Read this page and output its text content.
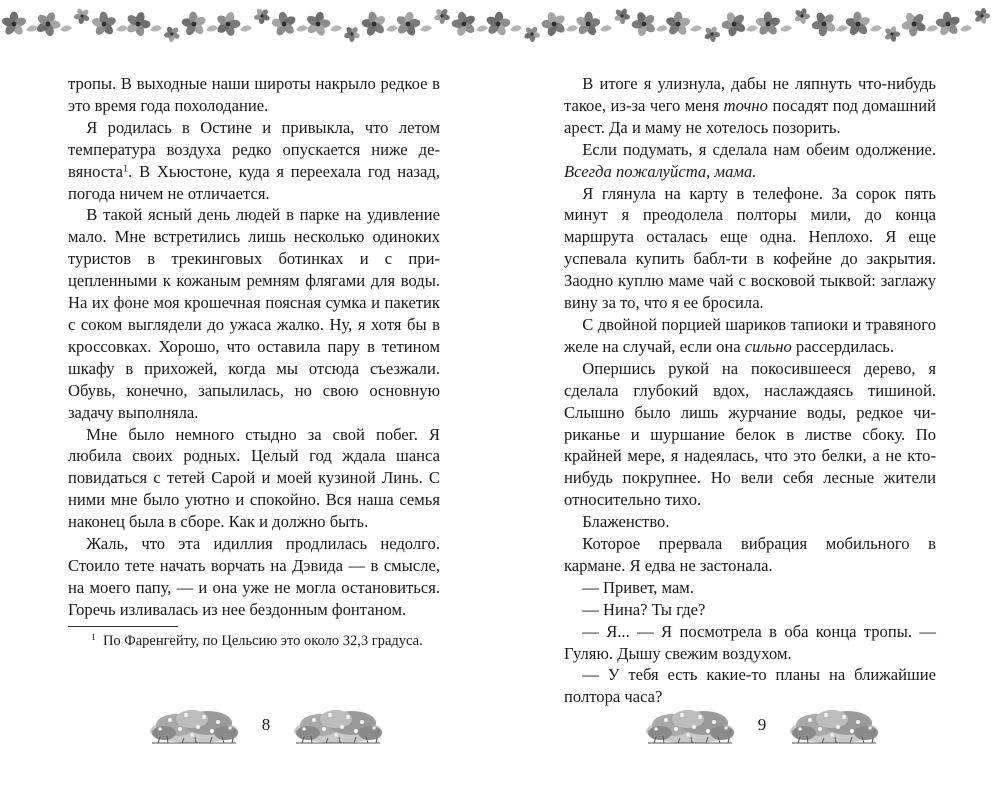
тропы. В выходные наши широты накрыло редкое в это время года похолодание.

Я родилась в Остине и привыкла, что летом температура воздуха редко опускается ниже девяноста$^1$. В Хьюстоне, куда я переехала год назад, погода ничем не отличается.

В такой ясный день людей в парке на удивление мало. Мне встретились лишь несколько одиноких туристов в трекинговых ботинках и с прицепленными к кожаным ремням флягами для воды. На их фоне моя крошечная поясная сумка и пакетик с соком выглядели до ужаса жалко. Ну, я хотя бы в кроссовках. Хорошо, что оставила пару в тетином шкафу в прихожей, когда мы отсюда съезжали. Обувь, конечно, запылилась, но свою основную задачу выполняла.

Мне было немного стыдно за свой побег. Я любила своих родных. Целый год ждала шанса повидаться с тетей Сарой и моей кузиной Линь. С ними мне было уютно и спокойно. Вся наша семья наконец была в сборе. Как и должно быть.

Жаль, что эта идиллия продлилась недолго. Стоило тете начать ворчать на Дэвида — в смысле, на моего папу, — и она уже не могла остановиться. Горечь изливалась из нее бездонным фонтаном.

$^1$ По Фаренгейту, по Цельсию это около 32,3 градуса.

8

В итоге я улизнула, дабы не ляпнуть что-нибудь такое, из-за чего меня точно посадят под домашний арест. Да и маму не хотелось позорить.

Если подумать, я сделала нам обеим одолжение. Всегда пожалуйста, мама.

Я глянула на карту в телефоне. За сорок пять минут я преодолела полторы мили, до конца маршрута осталась еще одна. Неплохо. Я еще успевала купить бабл-ти в кофейне до закрытия. Заодно куплю маме чай с восковой тыквой: заглажу вину за то, что я ее бросила.

С двойной порцией шариков тапиоки и травяного желе на случай, если она сильно рассердилась.

Опершись рукой на покосившееся дерево, я сделала глубокий вдох, наслаждаясь тишиной. Слышно было лишь журчание воды, редкое чириканье и шуршание белок в листве сбоку. По крайней мере, я надеялась, что это белки, а не кто-нибудь покрупнее. Но вели себя лесные жители относительно тихо.

Блаженство.

Которое прервала вибрация мобильного в кармане. Я едва не застонала.

— Привет, мам.

— Нина? Ты где?

— Я... — Я посмотрела в оба конца тропы. — Гуляю. Дышу свежим воздухом.

— У тебя есть какие-то планы на ближайшие полтора часа?

9
